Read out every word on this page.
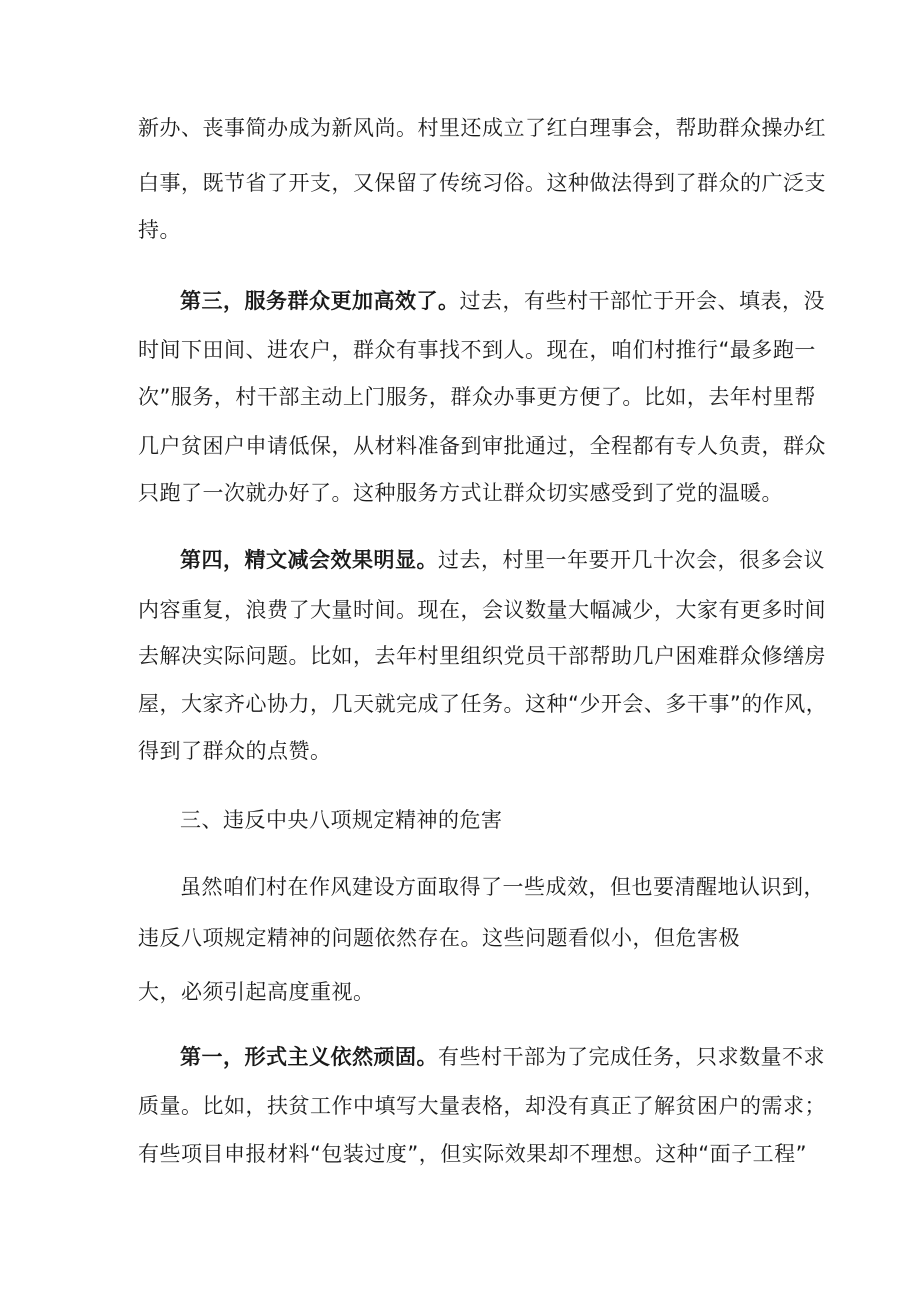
新办、丧事简办成为新风尚。村里还成立了红白理事会，帮助群众操办红
白事，既节省了开支，又保留了传统习俗。这种做法得到了群众的广泛支
持。
第三，服务群众更加高效了。过去，有些村干部忙于开会、填表，没
时间下田间、进农户，群众有事找不到人。现在，咱们村推行“最多跑一
次”服务，村干部主动上门服务，群众办事更方便了。比如，去年村里帮
几户贫困户申请低保，从材料准备到审批通过，全程都有专人负责，群众
只跑了一次就办好了。这种服务方式让群众切实感受到了党的温暖。
第四，精文减会效果明显。过去，村里一年要开几十次会，很多会议
内容重复，浪费了大量时间。现在，会议数量大幅减少，大家有更多时间
去解决实际问题。比如，去年村里组织党员干部帮助几户困难群众修缮房
屋，大家齐心协力，几天就完成了任务。这种“少开会、多干事”的作风，
得到了群众的点赞。
三、违反中央八项规定精神的危害
虽然咱们村在作风建设方面取得了一些成效，但也要清醒地认识到，
违反八项规定精神的问题依然存在。这些问题看似小，但危害极
大，必须引起高度重视。
第一，形式主义依然顽固。有些村干部为了完成任务，只求数量不求
质量。比如，扶贫工作中填写大量表格，却没有真正了解贫困户的需求；
有些项目申报材料“包装过度”，但实际效果却不理想。这种“面子工程”
